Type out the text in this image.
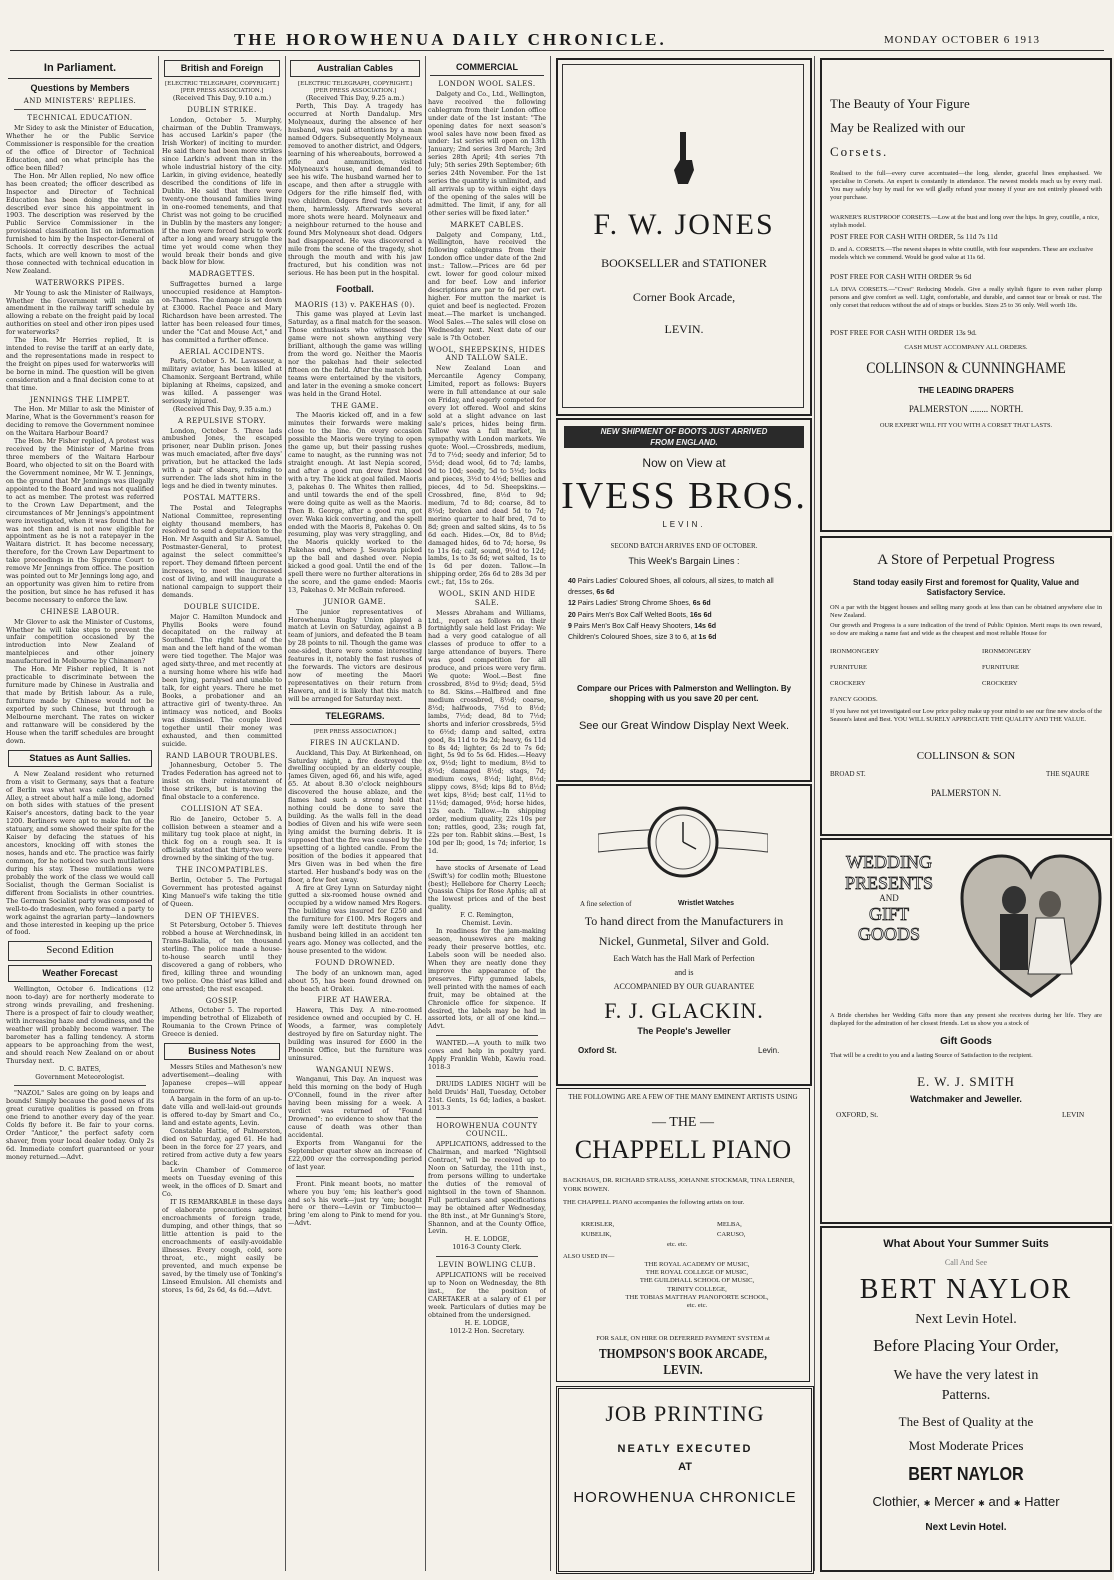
THE HOROWHENUA DAILY CHRONICLE.	MONDAY OCTOBER 6 1913
In Parliament.
Questions by Members
AND MINISTERS' REPLIES.
TECHNICAL EDUCATION.

Mr Sidey to ask the Minister of Education, Whether he or the Public Service Commissioner is responsible for the creation of the office of Director of Technical Education, and on what principle has the office been filled?

The Hon. Mr Allen replied, No new office has been created; the officer described as Inspector and Director of Technical Education has been doing the work so described ever since his appointment in 1903. The description was reserved by the Public Service Commissioner in the provisional classification list on information furnished to him by the Inspector-General of Schools. It correctly describes the actual facts, which are well known to most of the those connected with technical education in New Zealand.

WATERWORKS PIPES.

Mr Young to ask the Minister of Railways, Whether the Government will make an amendment in the railway tariff schedule by allowing a rebate on the freight paid by local authorities on steel and other iron pipes used for waterworks?

The Hon. Mr Herries replied, It is intended to revise the tariff at an early date, and the representations made in respect to the freight on pipes used for waterworks will be borne in mind. The question will be given consideration and a final decision come to at that time.

JENNINGS THE LIMPET.

The Hon. Mr Millar to ask the Minister of Marine, What is the Government's reason for deciding to remove the Government nominee on the Waitara Harbour Board?

The Hon. Mr Fisher replied, A protest was received by the Minister of Marine from three members of the Waitara Harbour Board, who objected to sit on the Board with the Government nominee, Mr W. T. Jennings, on the ground that Mr Jennings was illegally appointed to the Board and was not qualified to act as member. The protest was referred to the Crown Law Department, and the circumstances of Mr Jennings's appointment were investigated, when it was found that he was not then and is not now eligible for appointment as he is not a ratepayer in the Waitara district. It has become necessary, therefore, for the Crown Law Department to take proceedings in the Supreme Court to remove Mr Jennings from office. The position was pointed out to Mr Jennings long ago, and an opportunity was given him to retire from the position, but since he has refused it has become necessary to enforce the law.

CHINESE LABOUR.

Mr Glover to ask the Minister of Customs, Whether he will take steps to prevent the unfair competition occasioned by the introduction into New Zealand of mantelpieces and other joinery manufactured in Melbourne by Chinamen?

The Hon. Mr Fisher replied, It is not practicable to discriminate between the furniture made by Chinese in Australia and that made by British labour. As a rule, furniture made by Chinese would not be exported by such Chinese, but through a Melbourne merchant. The rates on wicker and rattanware will be considered by the House when the tariff schedules are brought down.

Statues as Aunt Sallies.

A New Zealand resident who returned from a visit to Germany, says that a feature of Berlin was what was called the Dolls' Alley, a street about half a mile long, adorned on both sides with statues of the present Kaiser's ancestors, dating back to the year 1200. Berliners were apt to make fun of the statuary, and some showed their spite for the Kaiser by defacing the statues of his ancestors, knocking off with stones the noses, hands and etc. The practice was fairly common, for he noticed two such mutilations during his stay. These mutilations were probably the work of the class we would call Socialist, though the German Socialist is different from Socialists in other countries. The German Socialist party was composed of well-to-do tradesmen, who formed a party to work against the agrarian party—landowners and those interested in keeping up the price of food.

Second Edition
Weather Forecast

Wellington, October 6. Indications (12 noon to-day) are for northerly moderate to strong winds prevailing, and freshening. There is a prospect of fair to cloudy weather, with increasing haze and cloudiness, and the weather will probably become warmer. The barometer has a falling tendency. A storm appears to be approaching from the west, and should reach New Zealand on or about Thursday next.

D. C. BATES,
Government Meteorologist.

"NAZOL" Sales are going on by leaps and bounds! Simply because the good news of its great curative qualities is passed on from one friend to another every day of the year. Colds fly before it. Be fair to your corns. Order "Anticor," the perfect safety corn shaver, from your local dealer today. Only 2s 6d. Immediate comfort guaranteed or your money returned.—Advt.

British and Foreign
[ELECTRIC TELEGRAPH, COPYRIGHT.]
[PER PRESS ASSOCIATION.]
(Received This Day, 9.10 a.m.)
DUBLIN STRIKE.

London, October 5. Murphy, chairman of the Dublin Tramways, has accused Larkin's paper (the Irish Worker) of inciting to murder. He said there had been more strikes since Larkin's advent than in the whole industrial history of the city. Larkin, in giving evidence, heatedly described the conditions of life in Dublin. He said that there were twenty-one thousand families living in one-roomed tenements, and that Christ was not going to be crucified in Dublin by the masters any longer; if the men were forced back to work after a long and weary struggle the time yet would come when they would break their bonds and give back blow for blow.

MADRAGETTES.

Suffragettes burned a large unoccupied residence at Hampton-on-Thames. The damage is set down at £3000. Rachel Peace and Mary Richardson have been arrested. The latter has been released four times, under the "Cat and Mouse Act," and has committed a further offence.

AERIAL ACCIDENTS.

Paris, October 5. M. Lavasseur, a military aviator, has been killed at Chamonix. Sergeant Bertrand, while biplaning at Rheims, capsized, and was killed. A passenger was seriously injured.

(Received This Day, 9.35 a.m.)
A REPULSIVE STORY.

London, October 5. Three lads ambushed Jones, the escaped prisoner, near Dublin prison. Jones was much emaciated, after five days' privation, but he attacked the lads with a pair of shears, refusing to surrender. The lads shot him in the legs and he died in twenty minutes.

POSTAL MATTERS.

The Postal and Telegraphs National Committee, representing eighty thousand members, has resolved to send a deputation to the Hon. Mr Asquith and Sir A. Samuel, Postmaster-General, to protest against the select committee's report. They demand fifteen percent increases, to meet the increased cost of living, and will inaugurate a national campaign to support their demands.

DOUBLE SUICIDE.

Major C. Hamilton Mundock and Phyllis Books were found decapitated on the railway at Southend. The right hand of the man and the left hand of the woman were tied together. The Major was aged sixty-three, and met recently at a nursing home where his wife had been lying, paralysed and unable to talk, for eight years. There he met Books, a probationer and an attractive girl of twenty-three. An intimacy was noticed, and Books was dismissed. The couple lived together until their money was exhausted, and then committed suicide.

RAND LABOUR TROUBLES.

Johannesburg, October 5. The Trades Federation has agreed not to insist on their reinstatement of those strikers, but is moving the final obstacle to a conference.

COLLISION AT SEA.

Rio de Janeiro, October 5. A collision between a steamer and a military tug took place at night, in thick fog on a rough sea. It is officially stated that thirty-two were drowned by the sinking of the tug.

THE INCOMPATIBLES.

Berlin, October 5. The Portugal Government has protested against King Manuel's wife taking the title of Queen.

DEN OF THIEVES.

St Petersburg, October 5. Thieves robbed a house at Werchnedinsk, in Trans-Baikalia, of ten thousand sterling. The police made a house-to-house search until they discovered a gang of robbers, who fired, killing three and wounding two police. One thief was killed and one arrested; the rest escaped.

GOSSIP.

Athens, October 5. The reported impending betrothal of Elizabeth of Roumania to the Crown Prince of Greece is denied.

Business Notes

Messrs Stiles and Matheson's new advertisement—dealing with Japanese crepes—will appear tomorrow.

A bargain in the form of an up-to-date villa and well-laid-out grounds is offered to-day by Smart and Co., land and estate agents, Levin.

Constable Hattie, of Palmerston, died on Saturday, aged 61. He had been in the force for 27 years, and retired from active duty a few years back.

Levin Chamber of Commerce meets on Tuesday evening of this week, in the offices of D. Smart and Co.

IT IS REMARKABLE in these days of elaborate precautions against encroachments of foreign trade, dumping, and other things, that so little attention is paid to the encroachments of easily-avoidable illnesses. Every cough, cold, sore throat, etc., might easily be prevented, and much expense be saved, by the timely use of Tonking's Linseed Emulsion. All chemists and stores, 1s 6d, 2s 6d, 4s 6d.—Advt.

Australian Cables
[ELECTRIC TELEGRAPH, COPYRIGHT.]
[PER PRESS ASSOCIATION.]
(Received This Day, 9.25 a.m.)

Perth, This Day. A tragedy has occurred at North Dandalup. Mrs Molyneaux, during the absence of her husband, was paid attentions by a man named Odgers. Subsequently Molyneaux removed to another district, and Odgers, learning of his whereabouts, borrowed a rifle and ammunition, visited Molyneaux's house, and demanded to see his wife. The husband warned her to escape, and then after a struggle with Odgers for the rifle himself fled, with two children. Odgers fired two shots at them, harmlessly. Afterwards several more shots were heard. Molyneaux and a neighbour returned to the house and found Mrs Molyneaux shot dead. Odgers had disappeared. He was discovered a mile from the scene of the tragedy, shot through the mouth and with his jaw fractured, but his condition was not serious. He has been put in the hospital.

Football.
MAORIS (13) v. PAKEHAS (0).

This game was played at Levin last Saturday, as a final match for the season. Those enthusiasts who witnessed the game were not shown anything very brilliant, although the game was willing from the word go. Neither the Maoris nor the pakehas had their selected fifteen on the field. After the match both teams were entertained by the visitors, and later in the evening a smoke concert was held in the Grand Hotel.

THE GAME.

The Maoris kicked off, and in a few minutes their forwards were making close to the line. On every occasion possible the Maoris were trying to open the game up, but their passing rushes came to naught, as the running was not straight enough. At last Nepia scored, and after a good run drew first blood with a try. The kick at goal failed. Maoris 3, pakehas 0. The Whites then rallied, and until towards the end of the spell were doing quite as well as the Maoris. Then B. George, after a good run, got over. Waka kick converting, and the spell ended with the Maoris 8, Pakehas 0. On resuming, play was very straggling, and the Maoris quickly worked to the Pakehas end, where J. Seuwata picked up the ball and dashed over. Nepia kicked a good goal. Until the end of the spell there were no further alterations in the score, and the game ended: Maoris 13, Pakehas 0. Mr McBain refereed.

JUNIOR GAME.

The junior representatives of Horowhenua Rugby Union played a match at Levin on Saturday, against a B team of juniors, and defeated the B team by 28 points to nil. Though the game was one-sided, there were some interesting features in it, notably the fast rushes of the forwards. The victors are desirous now of meeting the Maori representatives on their return from Hawera, and it is likely that this match will be arranged for Saturday next.

TELEGRAMS.
[PER PRESS ASSOCIATION.]
FIRES IN AUCKLAND.

Auckland, This Day. At Birkenhead, on Saturday night, a fire destroyed the dwelling occupied by an elderly couple, James Given, aged 66, and his wife, aged 65. At about 8.30 o'clock neighbours discovered the house ablaze, and the flames had such a strong hold that nothing could be done to save the building. As the walls fell in the dead bodies of Given and his wife were seen lying amidst the burning debris. It is supposed that the fire was caused by the upsetting of a lighted candle. From the position of the bodies it appeared that Mrs Given was in bed when the fire started. Her husband's body was on the floor, a few feet away.

A fire at Grey Lynn on Saturday night gutted a six-roomed house owned and occupied by a widow named Mrs Rogers. The building was insured for £250 and the furniture for £100. Mrs Rogers and family were left destitute through her husband being killed in an accident ten years ago. Money was collected, and the house presented to the widow.

FOUND DROWNED.

The body of an unknown man, aged about 55, has been found drowned on the beach at Orakei.

FIRE AT HAWERA.

Hawera, This Day. A nine-roomed residence owned and occupied by C. H. Woods, a farmer, was completely destroyed by fire on Saturday night. The building was insured for £600 in the Phoenix Office, but the furniture was uninsured.

WANGANUI NEWS.

Wanganui, This Day. An inquest was held this morning on the body of Hugh O'Connell, found in the river after having been missing for a week. A verdict was returned of "Found Drowned": no evidence to show that the cause of death was other than accidental.

Exports from Wanganui for the September quarter show an increase of £22,000 over the corresponding period of last year.

Front. Pink meant boots, no matter where you buy 'em; his leather's good and so's his work—just try 'em; bought here or there—Levin or Timbuctoo—bring 'em along to Pink to mend for you.—Advt.

COMMERCIAL
LONDON WOOL SALES.

Dalgety and Co., Ltd., Wellington, have received the following cablegram from their London office under date of the 1st instant: "The opening dates for next season's wool sales have now been fixed as under: 1st series will open on 13th January; 2nd series 3rd March; 3rd series 28th April; 4th series 7th July; 5th series 29th September; 6th series 24th November. For the 1st series the quantity is unlimited, and all arrivals up to within eight days of the opening of the sales will be admitted. The limit, if any, for all other series will be fixed later."

MARKET CABLES.

Dalgety and Company, Ltd., Wellington, have received the following cablegrams from their London office under date of the 2nd inst.: Tallow.—Prices are 6d per cwt. lower for good colour mixed and for beef. Low and inferior descriptions are par to 6d per cwt. higher. For mutton the market is quiet and beef is neglected. Frozen meat.—The market is unchanged. Wool Sales.—The sales will close on Wednesday next. Next date of our sale is 7th October.

WOOL, SHEEPSKINS, HIDES AND TALLOW SALE.

New Zealand Loan and Mercantile Agency Company, Limited, report as follows: Buyers were in full attendance at our sale on Friday, and eagerly competed for every lot offered. Wool and skins sold at a slight advance on last sale's prices, hides being firm. Tallow was a full market, in sympathy with London markets. We quote: Wool.—Crossbreds, medium, 7d to 7½d; seedy and inferior, 5d to 5½d; dead wool, 6d to 7d; lambs, 9d to 10d; seedy, 5d to 5½d; locks and pieces, 3½d to 4½d; bellies and pieces, 4d to 5d. Sheepskins.—Crossbred, fine, 8½d to 9d; medium, 7d to 8d; coarse, 8d to 8½d; broken and dead 5d to 7d; merino quarter to half bred, 7d to 8d; green and salted skins, 4s to 5s 6d each. Hides.—Ox, 8d to 8½d; damaged hides, 6d to 7d; horse, 9s to 11s 6d; calf, sound, 9½d to 12d; lambs, 1s to 3s 6d; wet salted, 1s to 1s 6d per dozen. Tallow.—In shipping order, 26s 6d to 28s 3d per cwt.; fat, 15s to 26s.

WOOL, SKIN AND HIDE SALE.

Messrs Abraham and Williams, Ltd., report as follows on their fortnightly sale held last Friday: We had a very good catalogue of all classes of produce to offer to a large attendance of buyers. There was good competition for all produce, and prices were very firm. We quote: Wool.—Best fine crossbred, 8½d to 9½d; dead, 5½d to 8d. Skins.—Halfbred and fine medium crossbred, 8½d; coarse, 8½d; halfwoods, 7½d to 8½d; lambs, 7½d; dead, 8d to 7½d; shorts and inferior crossbreds, 5½d to 6½d; damp and salted, extra good, 8s 11d to 9s 2d; heavy, 6s 11d to 8s 4d; lighter, 6s 2d to 7s 6d; light, 5s 9d to 5s 6d. Hides.—Heavy ox, 9½d; light to medium, 8½d to 8½d; damaged 8½d; stags, 7d; medium cows, 8½d; light, 8½d; slippy cows, 8½d; kips 8d to 8½d; wet kips, 8½d; best calf, 11½d to 11½d; damaged, 9½d; horse hides, 12s each. Tallow.—In shipping order, medium quality, 22s 10s per ton; rattles, good, 23s; rough fat, 22s per ton. Rabbit skins.—Best, 1s 10d per lb; good, 1s 7d; inferior, 1s 1d.

have stocks of Arsenate of Lead (Swift's) for codlin moth; Bluestone (best); Hellebore for Cherry Leech; Quassia Chips for Rose Aphis; all at the lowest prices and of the best quality.

F. C. Remington,
Chemist. Levin.

In readiness for the jam-making season, housewives are making ready their preserve bottles, etc. Labels soon will be needed also. When they are neatly done they improve the appearance of the preserves. Fifty gummed labels, well printed with the names of each fruit, may be obtained at the Chronicle office for sixpence. If desired, the labels may be had in assorted lots, or all of one kind.—Advt.

WANTED.—A youth to milk two cows and help in poultry yard. Apply Franklin Webb, Kawiu road. 1018-3

DRUIDS LADIES NIGHT will be held Druids' Hall, Tuesday, October 21st. Gents, 1s 6d; ladies, a basket. 1013-3

HOROWHENUA COUNTY COUNCIL.

APPLICATIONS, addressed to the Chairman, and marked "Nightsoil Contract," will be received up to Noon on Saturday, the 11th inst., from persons willing to undertake the duties of the removal of nightsoil in the town of Shannon. Full particulars and specifications may be obtained after Wednesday, the 8th inst., at Mr Gunning's Store, Shannon, and at the County Office, Levin.

H. E. LODGE,
1016-3 County Clerk.
LEVIN BOWLING CLUB.

APPLICATIONS will be received up to Noon on Wednesday, the 8th inst., for the position of CARETAKER at a salary of £1 per week. Particulars of duties may be obtained from the undersigned.

H. E. LODGE,
1012-2 Hon. Secretary.
F. W. JONES
BOOKSELLER and STATIONER
Corner Book Arcade,
LEVIN.
NEW SHIPMENT OF BOOTS JUST ARRIVED
FROM ENGLAND.
Now on View at
IVESS BROS.
LEVIN.
SECOND BATCH ARRIVES END OF OCTOBER.
This Week's Bargain Lines :
40 Pairs Ladies' Coloured Shoes, all colours, all sizes, to match all dresses, 6s 6d
12 Pairs Ladies' Strong Chrome Shoes, 6s 6d
20 Pairs Men's Box Calf Welted Boots, 16s 6d
9 Pairs Men's Box Calf Heavy Shooters, 14s 6d
Children's Coloured Shoes, size 3 to 6, at 1s 6d
Compare our Prices with Palmerston and Wellington. By shopping with us you save 20 per cent.
See our Great Window Display Next Week.
A fine selection of	Wristlet Watches
To hand direct from the Manufacturers in
Nickel, Gunmetal, Silver and Gold.
Each Watch has the Hall Mark of Perfection
and is
ACCOMPANIED BY OUR GUARANTEE
F. J. GLACKIN.
The People's Jeweller
Oxford St.	Levin.
THE FOLLOWING ARE A FEW OF THE MANY EMINENT ARTISTS USING
— THE —
CHAPPELL PIANO
BACKHAUS, DR. RICHARD STRAUSS, JOHANNE STOCKMAR, TINA LERNER, YORK BOWEN.
THE CHAPPELL PIANO accompanies the following artists on tour.
KREISLER,	MELBA,
KUBELIK,	CARUSO,
etc. etc.
ALSO USED IN—
THE ROYAL ACADEMY OF MUSIC,
THE ROYAL COLLEGE OF MUSIC,
THE GUILDHALL SCHOOL OF MUSIC,
TRINITY COLLEGE,
THE TOBIAS MATTHAY PIANOFORTE SCHOOL,
etc. etc.
FOR SALE, ON HIRE OR DEFERRED PAYMENT SYSTEM at
THOMPSON'S BOOK ARCADE, LEVIN.
JOB PRINTING
NEATLY EXECUTED
AT
HOROWHENUA CHRONICLE
The Beauty of Your Figure
May be Realized with our
Corsets.
Realised to the full—every curve accentuated—the long, slender, graceful lines emphasised. We specialise in Corsets. An expert is constantly in attendance. The newest models reach us by every mail. You may safely buy by mail for we will gladly refund your money if your are not entirely pleased with your purchase.
WARNER'S RUSTPROOF CORSETS.—Low at the bust and long over the hips. In grey, coutille, a nice, stylish model.
POST FREE FOR CASH WITH ORDER, 5s 11d 7s 11d
D. and A. CORSETS.—The newest shapes in white coutille, with four suspenders. These are exclusive models which we commend. Would be good value at 11s 6d.
POST FREE FOR CASH WITH ORDER 9s 6d
LA DIVA CORSETS.—"Crest" Reducing Models. Give a really stylish figure to even rather plump persons and give comfort as well. Light, comfortable, and durable, and cannot tear or break or rust. The only corset that reduces without the aid of straps or buckles. Sizes 25 to 36 only. Well worth 18s.
POST FREE FOR CASH WITH ORDER 13s 9d.
CASH MUST ACCOMPANY ALL ORDERS.
COLLINSON & CUNNINGHAME
THE LEADING DRAPERS
PALMERSTON ........ NORTH.
OUR EXPERT WILL FIT YOU WITH A CORSET THAT LASTS.
A Store of Perpetual Progress
Stand today easily First and foremost for Quality, Value and Satisfactory Service.
ON a par with the biggest houses and selling many goods at less than can be obtained anywhere else in New Zealand.
Our growth and Progress is a sure indication of the trend of Public Opinion. Merit reaps its own reward, so dow are making a name fast and wide as the cheapest and most reliable House for
IRONMONGERY	IRONMONGERY
FURNITURE	FURNITURE
CROCKERY	CROCKERY
FANCY GOODS.
If you have not yet investigated our Low price policy make up your mind to see our fine new stocks of the Season's latest and Best. YOU WILL SURELY APPRECIATE THE QUALITY AND THE VALUE.
COLLINSON & SON
BROAD ST.	THE SQAURE
PALMERSTON N.
WEDDING
PRESENTS
AND
GIFT
GOODS
A Bride cherishes her Wedding Gifts more than any present she receives during her life. They are displayed for the admiration of her closest friends. Let us show you a stock of
Gift Goods
That will be a credit to you and a lasting Source of Satisfaction to the recipient.
E. W. J. SMITH
Watchmaker and Jeweller.
OXFORD, St.	LEVIN
What About Your Summer Suits
Call And See
BERT NAYLOR
Next Levin Hotel.
Before Placing Your Order,
We have the very latest in
Patterns.
The Best of Quality at the
Most Moderate Prices
BERT NAYLOR
Clothier, ✱ Mercer ✱ and ✱ Hatter
Next Levin Hotel.
